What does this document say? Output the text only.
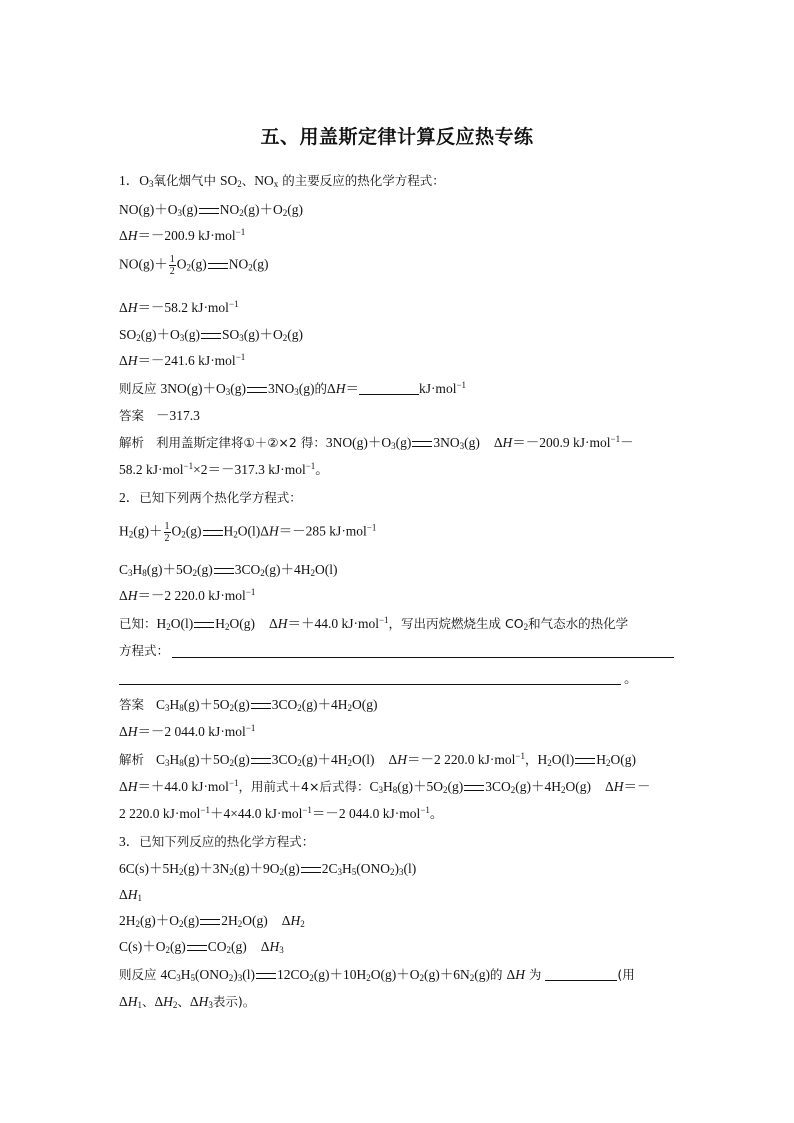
五、用盖斯定律计算反应热专练
1．$O_3$氧化烟气中 $SO_2$、$NO_x$ 的主要反应的热化学方程式：
$NO(g)+O_3(g)$ $NO_2(g)+O_2(g)$
ΔH＝－200.9 kJ·mol$^{-1}$
$NO(g)+ \frac{1}{2} O_2(g)$ $NO_2(g)$
ΔH＝－58.2 kJ·mol$^{-1}$
$SO_2(g)+O_3(g)$ $SO_3(g)+O_2(g)$
ΔH＝－241.6 kJ·mol$^{-1}$
则反应 $3NO(g)+O_3(g)$ $3NO_3(g)$的ΔH＝	kJ·mol$^{-1}$
答案 －317.3
解析 利用盖斯定律将①＋②×2 得：$3NO(g)+O_3(g)$ $3NO_3(g)$ ΔH＝－200.9 kJ·mol$^{-1}$－
58.2 kJ·mol$^{-1}$×2＝－317.3 kJ·mol$^{-1}$。
2．已知下列两个热化学方程式：
$H_2(g)+ \frac{1}{2} O_2(g)$ $H_2O(l)\Delta H=-285$ kJ·mol$^{-1}$
$C_3H_8(g)+5O_2(g)$ $3CO_2(g)+4H_2O(l)$
ΔH＝－2 220.0 kJ·mol$^{-1}$
已知：$H_2O(l)$ $H_2O(g)$ ΔH＝＋44.0 kJ·mol$^{-1}$，写出丙烷燃烧生成 $CO_2$和气态水的热化学
方程式：
。
答案 $C_3H_8(g)+5O_2(g)$ $3CO_2(g)+4H_2O(g)$
ΔH＝－2 044.0 kJ·mol$^{-1}$
解析 $C_3H_8(g)+5O_2(g)$ $3CO_2(g)+4H_2O(l)$ ΔH＝－2 220.0 kJ·mol$^{-1}$，$H_2O(l)$ $H_2O(g)$
ΔH＝＋44.0 kJ·mol$^{-1}$，用前式＋4×后式得：$C_3H_8(g)+5O_2(g)$ $3CO_2(g)+4H_2O(g)$ ΔH＝－
2 220.0 kJ·mol$^{-1}$＋4×44.0 kJ·mol$^{-1}$＝－2 044.0 kJ·mol$^{-1}$。
3．已知下列反应的热化学方程式：
$6C(s)+5H_2(g)+3N_2(g)+9O_2(g)$ $2C_3H_5(ONO_2)_3(l)$
$\Delta H_1$
$2H_2(g)+O_2(g)$ $2H_2O(g)$ $\Delta H_2$
$C(s)+O_2(g)$ $CO_2(g)$ $\Delta H_3$
则反应 $4C_3H_5(ONO_2)_3(l)$ $12CO_2(g)+10H_2O(g)+O_2(g)+6N_2(g)$的 ΔH 为	(用
$\Delta H_1$、$\Delta H_2$、$\Delta H_3$表示)。
